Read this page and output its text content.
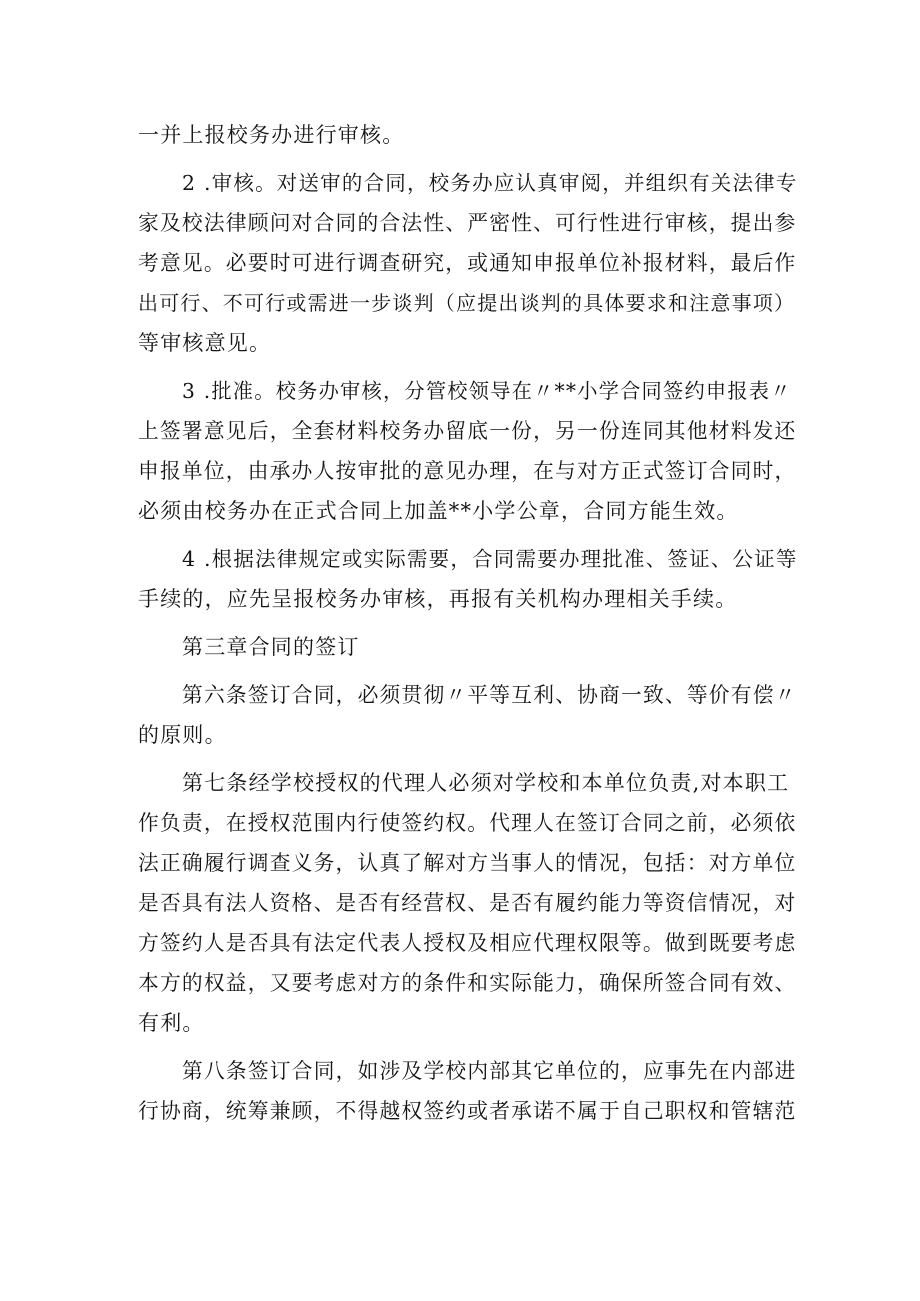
一并上报校务办进行审核。

2 .审核。对送审的合同，校务办应认真审阅，并组织有关法律专
家及校法律顾问对合同的合法性、严密性、可行性进行审核，提出参
考意见。必要时可进行调查研究，或通知申报单位补报材料，最后作
出可行、不可行或需进一步谈判（应提出谈判的具体要求和注意事项）
等审核意见。

3 .批准。校务办审核，分管校领导在〃**小学合同签约申报表〃
上签署意见后，全套材料校务办留底一份，另一份连同其他材料发还
申报单位，由承办人按审批的意见办理，在与对方正式签订合同时，
必须由校务办在正式合同上加盖**小学公章，合同方能生效。

4 .根据法律规定或实际需要，合同需要办理批准、签证、公证等
手续的，应先呈报校务办审核，再报有关机构办理相关手续。

第三章合同的签订

第六条签订合同，必须贯彻〃平等互利、协商一致、等价有偿〃
的原则。

第七条经学校授权的代理人必须对学校和本单位负责,对本职工
作负责，在授权范围内行使签约权。代理人在签订合同之前，必须依
法正确履行调查义务，认真了解对方当事人的情况，包括：对方单位
是否具有法人资格、是否有经营权、是否有履约能力等资信情况，对
方签约人是否具有法定代表人授权及相应代理权限等。做到既要考虑
本方的权益，又要考虑对方的条件和实际能力，确保所签合同有效、
有利。

第八条签订合同，如涉及学校内部其它单位的，应事先在内部进
行协商，统筹兼顾，不得越权签约或者承诺不属于自己职权和管辖范
